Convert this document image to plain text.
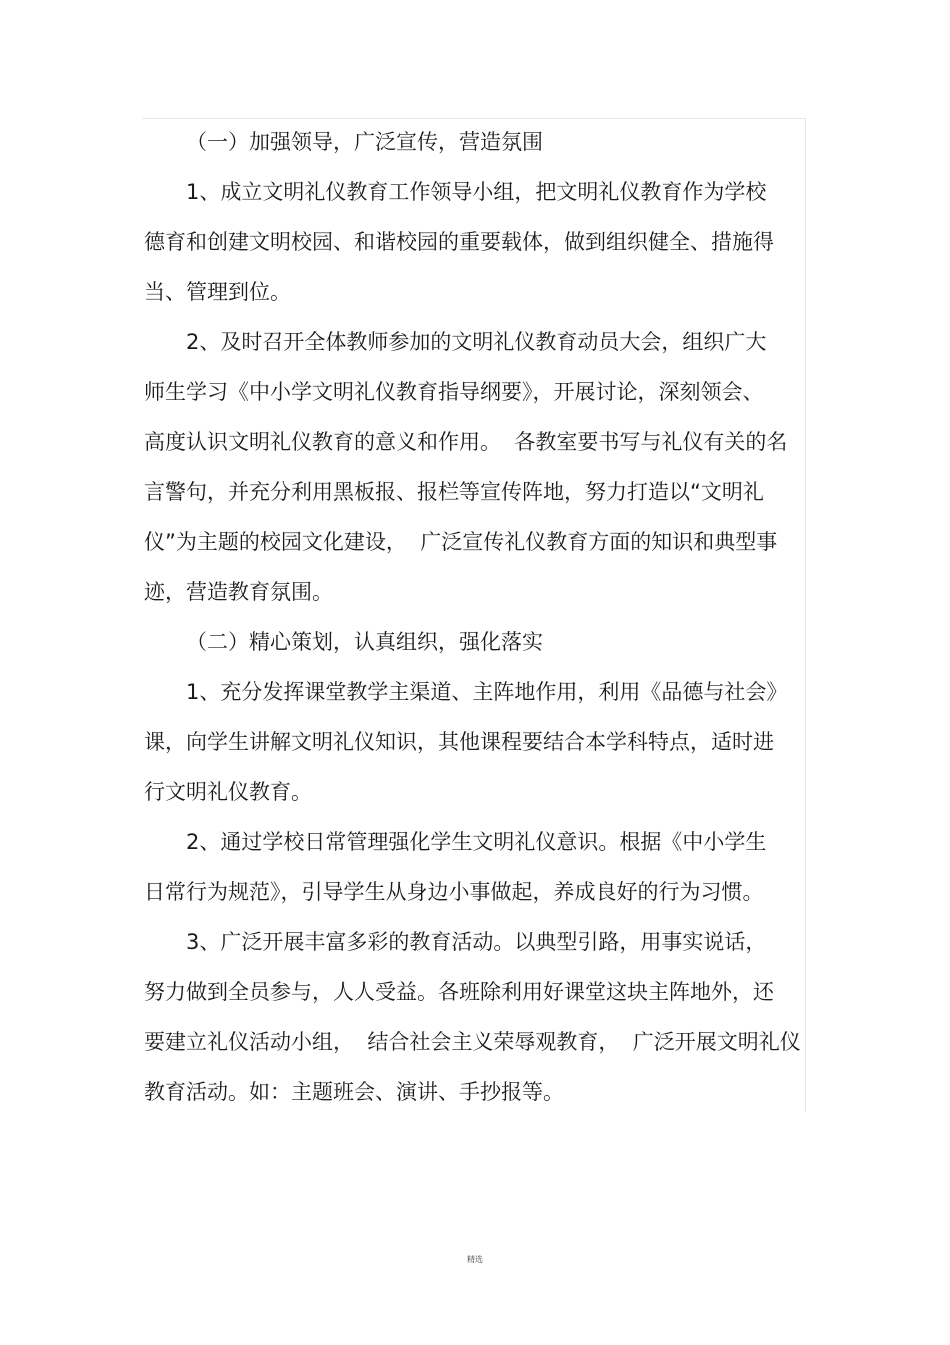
（一）加强领导，广泛宣传，营造氛围
1、成立文明礼仪教育工作领导小组，把文明礼仪教育作为学校
德育和创建文明校园、和谐校园的重要载体，做到组织健全、措施得
当、管理到位。
2、及时召开全体教师参加的文明礼仪教育动员大会，组织广大
师生学习《中小学文明礼仪教育指导纲要》，开展讨论，深刻领会、
高度认识文明礼仪教育的意义和作用。  各教室要书写与礼仪有关的名
言警句，并充分利用黑板报、报栏等宣传阵地，努力打造以“文明礼
仪”为主题的校园文化建设，  广泛宣传礼仪教育方面的知识和典型事
迹，营造教育氛围。
（二）精心策划，认真组织，强化落实
1、充分发挥课堂教学主渠道、主阵地作用，利用《品德与社会》
课，向学生讲解文明礼仪知识，其他课程要结合本学科特点，适时进
行文明礼仪教育。
2、通过学校日常管理强化学生文明礼仪意识。根据《中小学生
日常行为规范》，引导学生从身边小事做起，养成良好的行为习惯。
3、广泛开展丰富多彩的教育活动。以典型引路，用事实说话，
努力做到全员参与，人人受益。各班除利用好课堂这块主阵地外，还
要建立礼仪活动小组，  结合社会主义荣辱观教育，  广泛开展文明礼仪
教育活动。如：主题班会、演讲、手抄报等。
精选
